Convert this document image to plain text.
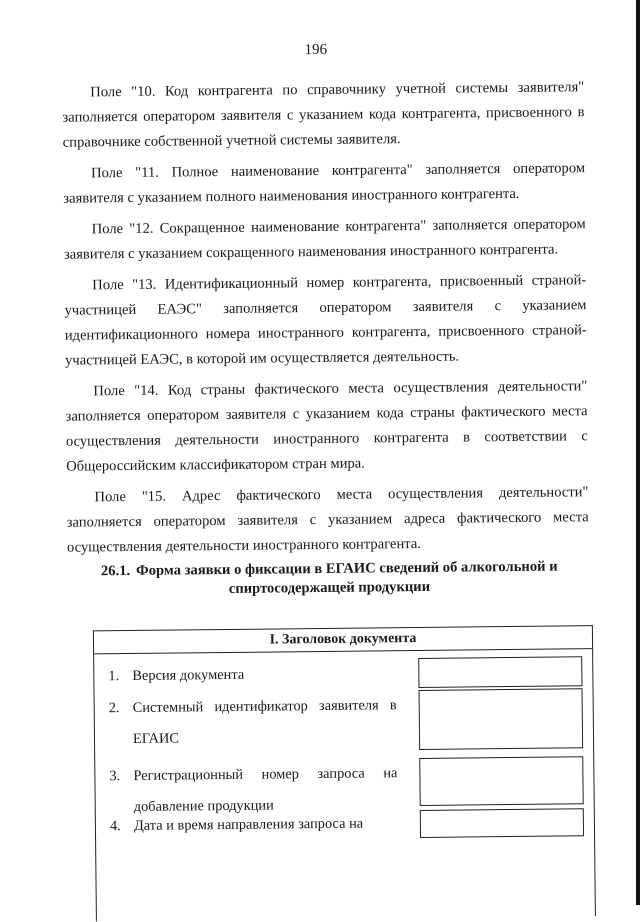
196

Поле "10. Код контрагента по справочнику учетной системы заявителя" заполняется оператором заявителя с указанием кода контрагента, присвоенного в справочнике собственной учетной системы заявителя.

Поле "11. Полное наименование контрагента" заполняется оператором заявителя с указанием полного наименования иностранного контрагента.

Поле "12. Сокращенное наименование контрагента" заполняется оператором заявителя с указанием сокращенного наименования иностранного контрагента.

Поле "13. Идентификационный номер контрагента, присвоенный страной-участницей ЕАЭС" заполняется оператором заявителя с указанием идентификационного номера иностранного контрагента, присвоенного страной-участницей ЕАЭС, в которой им осуществляется деятельность.

Поле "14. Код страны фактического места осуществления деятельности" заполняется оператором заявителя с указанием кода страны фактического места осуществления деятельности иностранного контрагента в соответствии с Общероссийским классификатором стран мира.

Поле "15. Адрес фактического места осуществления деятельности" заполняется оператором заявителя с указанием адреса фактического места осуществления деятельности иностранного контрагента.

26.1. Форма заявки о фиксации в ЕГАИС сведений об алкогольной и
спиртосодержащей продукции
I. Заголовок документа
1. Версия документа
2. Системный идентификатор заявителя в ЕГАИС
3. Регистрационный номер запроса на добавление продукции
4. Дата и время направления запроса на
